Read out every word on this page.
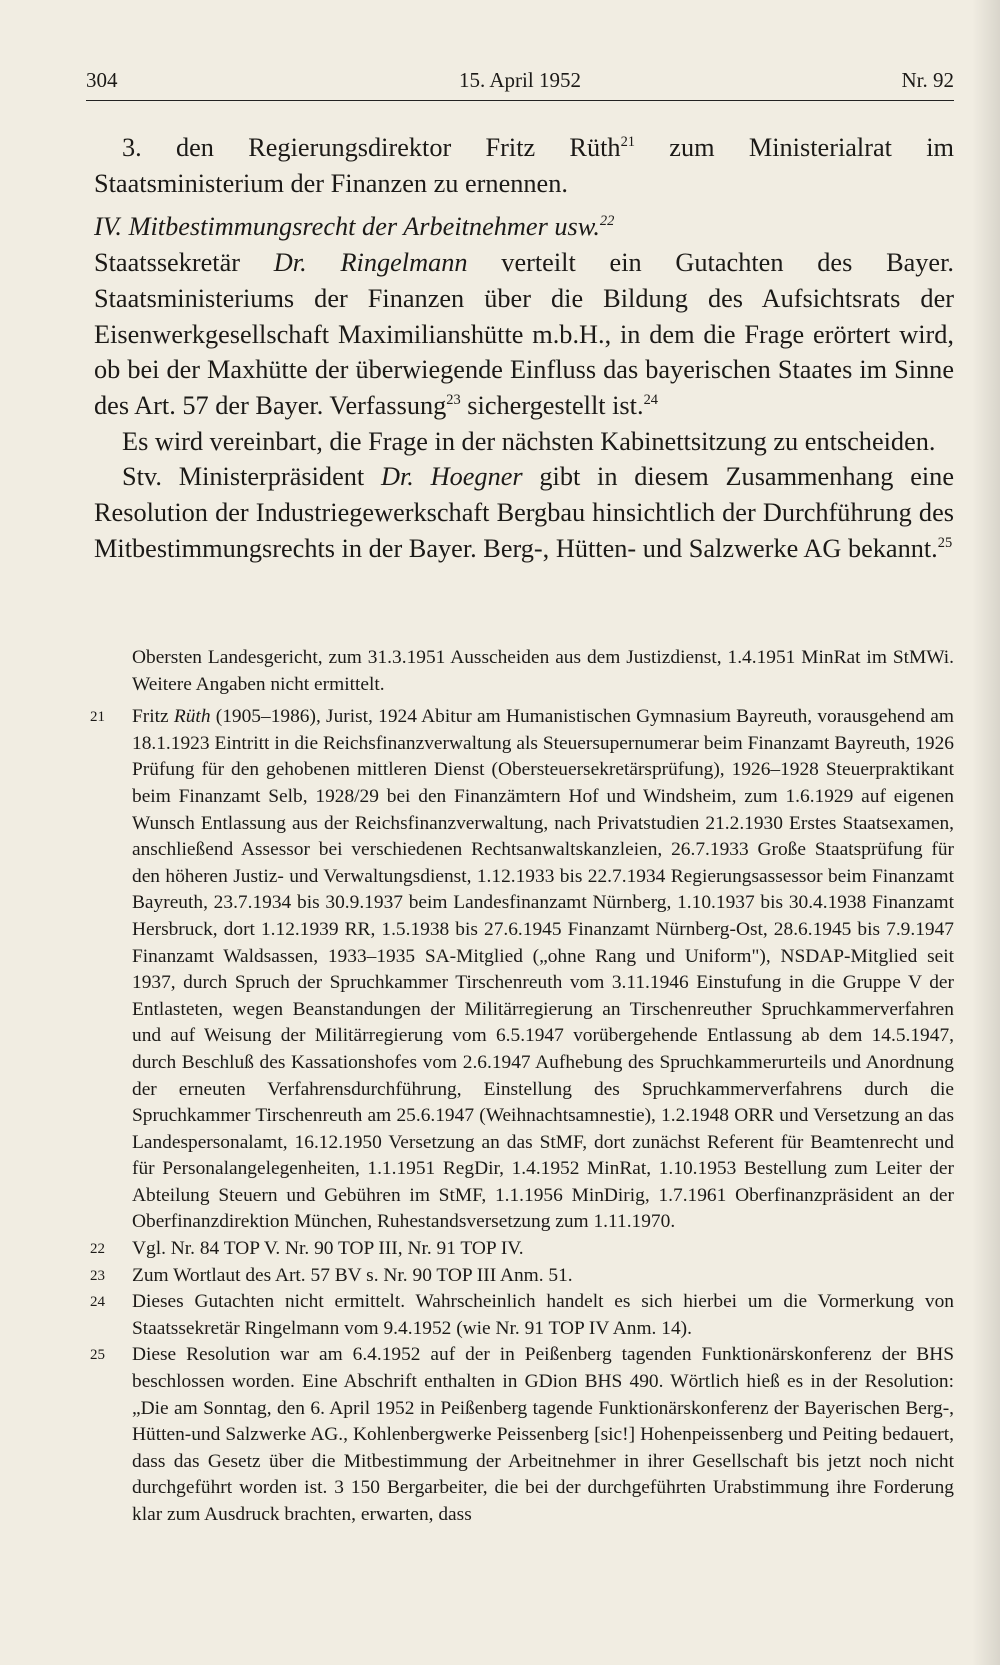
304	15. April 1952	Nr. 92

3. den Regierungsdirektor Fritz Rüth$^{21}$ zum Ministerialrat im Staatsministerium der Finanzen zu ernennen.

IV. Mitbestimmungsrecht der Arbeitnehmer usw.$^{22}$

Staatssekretär Dr. Ringelmann verteilt ein Gutachten des Bayer. Staatsministeriums der Finanzen über die Bildung des Aufsichtsrats der Eisenwerkgesellschaft Maximilianshütte m.b.H., in dem die Frage erörtert wird, ob bei der Maxhütte der überwiegende Einfluss das bayerischen Staates im Sinne des Art. 57 der Bayer. Verfassung$^{23}$ sichergestellt ist.$^{24}$

Es wird vereinbart, die Frage in der nächsten Kabinettsitzung zu entscheiden.

Stv. Ministerpräsident Dr. Hoegner gibt in diesem Zusammenhang eine Resolution der Industriegewerkschaft Bergbau hinsichtlich der Durchführung des Mitbestimmungsrechts in der Bayer. Berg-, Hütten- und Salzwerke AG bekannt.$^{25}$

Obersten Landesgericht, zum 31.3.1951 Ausscheiden aus dem Justizdienst, 1.4.1951 MinRat im StMWi. Weitere Angaben nicht ermittelt.

21 Fritz Rüth (1905–1986), Jurist, 1924 Abitur am Humanistischen Gymnasium Bayreuth, vorausgehend am 18.1.1923 Eintritt in die Reichsfinanzverwaltung als Steuersupernumerar beim Finanzamt Bayreuth, 1926 Prüfung für den gehobenen mittleren Dienst (Obersteuersekretärsprüfung), 1926–1928 Steuerpraktikant beim Finanzamt Selb, 1928/29 bei den Finanzämtern Hof und Windsheim, zum 1.6.1929 auf eigenen Wunsch Entlassung aus der Reichsfinanzverwaltung, nach Privatstudien 21.2.1930 Erstes Staatsexamen, anschließend Assessor bei verschiedenen Rechtsanwaltskanzleien, 26.7.1933 Große Staatsprüfung für den höheren Justiz- und Verwaltungsdienst, 1.12.1933 bis 22.7.1934 Regierungsassessor beim Finanzamt Bayreuth, 23.7.1934 bis 30.9.1937 beim Landesfinanzamt Nürnberg, 1.10.1937 bis 30.4.1938 Finanzamt Hersbruck, dort 1.12.1939 RR, 1.5.1938 bis 27.6.1945 Finanzamt Nürnberg-Ost, 28.6.1945 bis 7.9.1947 Finanzamt Waldsassen, 1933–1935 SA-Mitglied („ohne Rang und Uniform"), NSDAP-Mitglied seit 1937, durch Spruch der Spruchkammer Tirschenreuth vom 3.11.1946 Einstufung in die Gruppe V der Entlasteten, wegen Beanstandungen der Militärregierung an Tirschenreuther Spruchkammerverfahren und auf Weisung der Militärregierung vom 6.5.1947 vorübergehende Entlassung ab dem 14.5.1947, durch Beschluß des Kassationshofes vom 2.6.1947 Aufhebung des Spruchkammerurteils und Anordnung der erneuten Verfahrensdurchführung, Einstellung des Spruchkammerverfahrens durch die Spruchkammer Tirschenreuth am 25.6.1947 (Weihnachtsamnestie), 1.2.1948 ORR und Versetzung an das Landespersonalamt, 16.12.1950 Versetzung an das StMF, dort zunächst Referent für Beamtenrecht und für Personalangelegenheiten, 1.1.1951 RegDir, 1.4.1952 MinRat, 1.10.1953 Bestellung zum Leiter der Abteilung Steuern und Gebühren im StMF, 1.1.1956 MinDirig, 1.7.1961 Oberfinanzpräsident an der Oberfinanzdirektion München, Ruhestandsversetzung zum 1.11.1970.

22 Vgl. Nr. 84 TOP V. Nr. 90 TOP III, Nr. 91 TOP IV.

23 Zum Wortlaut des Art. 57 BV s. Nr. 90 TOP III Anm. 51.

24 Dieses Gutachten nicht ermittelt. Wahrscheinlich handelt es sich hierbei um die Vormerkung von Staatssekretär Ringelmann vom 9.4.1952 (wie Nr. 91 TOP IV Anm. 14).

25 Diese Resolution war am 6.4.1952 auf der in Peißenberg tagenden Funktionärskonferenz der BHS beschlossen worden. Eine Abschrift enthalten in GDion BHS 490. Wörtlich hieß es in der Resolution: „Die am Sonntag, den 6. April 1952 in Peißenberg tagende Funktionärskonferenz der Bayerischen Berg-, Hütten-und Salzwerke AG., Kohlenbergwerke Peissenberg [sic!] Hohenpeissenberg und Peiting bedauert, dass das Gesetz über die Mitbestimmung der Arbeitnehmer in ihrer Gesellschaft bis jetzt noch nicht durchgeführt worden ist. 3 150 Bergarbeiter, die bei der durchgeführten Urabstimmung ihre Forderung klar zum Ausdruck brachten, erwarten, dass
